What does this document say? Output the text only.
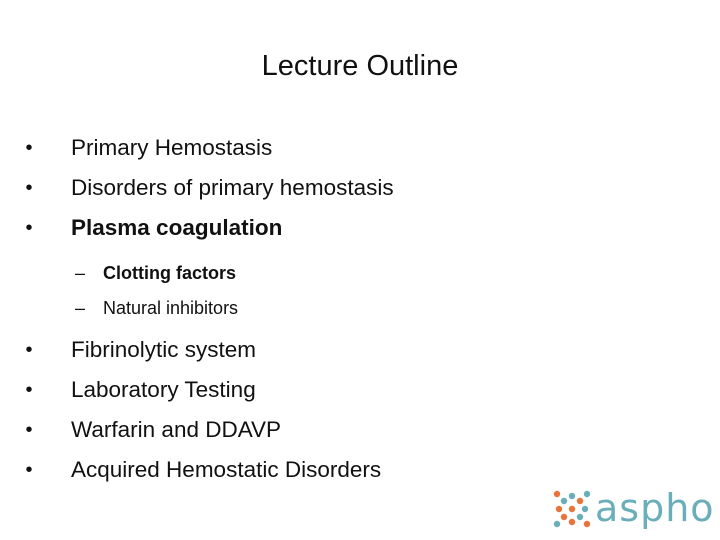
Lecture Outline
•	Primary Hemostasis
•	Disorders of primary hemostasis
•	Plasma coagulation
– Clotting factors
– Natural inhibitors
•	Fibrinolytic system
•	Laboratory Testing
•	Warfarin and DDAVP
•	Acquired Hemostatic Disorders
aspho
